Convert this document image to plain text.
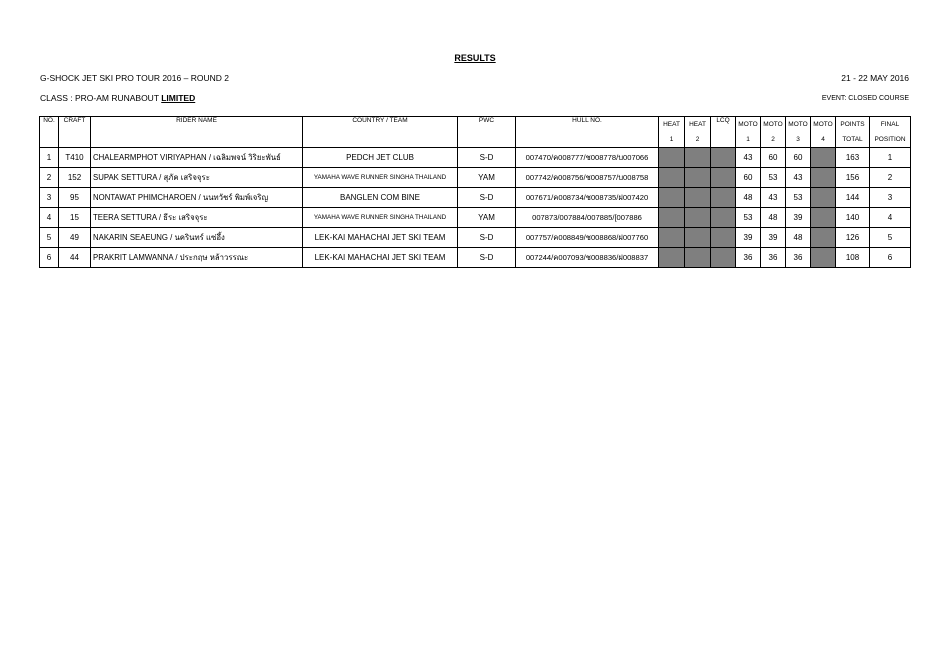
RESULTS
G-SHOCK JET SKI PRO TOUR 2016 – ROUND 2	21 - 22 MAY 2016
CLASS : PRO-AM RUNABOUT LIMITED	EVENT: CLOSED COURSE
NO.	CRAFT	RIDER NAME	COUNTRY / TEAM	PWC	HULL NO.	HEAT	HEAT	LCQ	MOTO	MOTO	MOTO	MOTO	POINTS	FINAL
						1	2		1	2	3	4	TOTAL	POSITION
1	T410	CHALEARMPHOT VIRIYAPHAN / เฉลิมพจน์ วิริยะพันธ์	PEDCH JET CLUB	S-D	007470/ค008777/ช008778/บ007066				43	60	60		163	1
2	152	SUPAK SETTURA / สุภัค เสริจจุระ	YAMAHA WAVE RUNNER SINGHA THAILAND	YAM	007742/ค008756/ช008757/บ008758				60	53	43		156	2
3	95	NONTAWAT PHIMCHAROEN / นนทวัชร์ พิมพ์เจริญ	BANGLEN COM BINE	S-D	007671/ค008734/ช008735/ฝ007420				48	43	53		144	3
4	15	TEERA SETTURA / ธีระ เสริจจุระ	YAMAHA WAVE RUNNER SINGHA THAILAND	YAM	007873/007884/007885/[007886				53	48	39		140	4
5	49	NAKARIN SEAEUNG / นครินทร์ แซ่อึ้ง	LEK-KAI MAHACHAI JET SKI TEAM	S-D	007757/ค008849/ช008868/ฝ007760				39	39	48		126	5
6	44	PRAKRIT LAMWANNA / ประกฤษ หล้าวรรณะ	LEK-KAI MAHACHAI JET SKI TEAM	S-D	007244/ค007093/ช008836/ฝ008837				36	36	36		108	6
